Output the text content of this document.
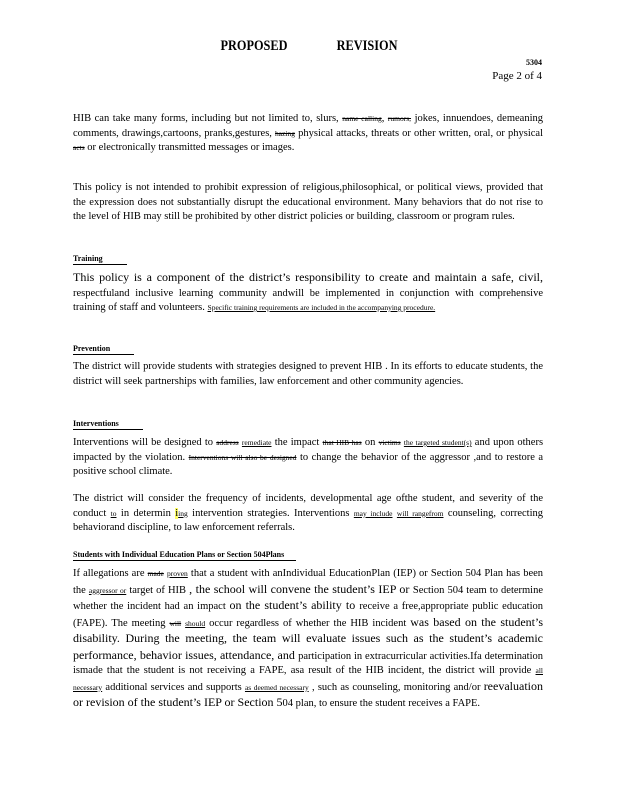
PROPOSED	REVISION
5304
Page 2 of 4
HIB can take many forms, including but not limited to, slurs, name calling, rumors, jokes, innuendoes, demeaning comments, drawings,cartoons, pranks,gestures, hazing physical attacks, threats or other written, oral, or physical acts or electronically transmitted messages or images.
This policy is not intended to prohibit expression of religious,philosophical, or political views, provided that the expression does not substantially disrupt the educational environment. Many behaviors that do not rise to the level of HIB may still be prohibited by other district policies or building, classroom or program rules.
Training
This policy is a component of the district’s responsibility to create and maintain a safe, civil, respectfuland inclusive learning community andwill be implemented in conjunction with comprehensive training of staff and volunteers. Specific training requirements are included in the accompanying procedure.
Prevention
The district will provide students with strategies designed to prevent HIB . In its efforts to educate students, the district will seek partnerships with families, law enforcement and other community agencies.
Interventions
Interventions will be designed to address remediate the impact that HIB has on victims the targeted student(s) and upon others impacted by the violation. Interventions will also be designed to change the behavior of the aggressor ,and to restore a positive school climate.
The district will consider the frequency of incidents, developmental age ofthe student, and severity of the conduct to in determin iing intervention strategies. Interventions may include will rangefrom counseling, correcting behaviorand discipline, to law enforcement referrals.
Students with Individual Education Plans or Section 504Plans
If allegations are made proven that a student with anIndividual EducationPlan (IEP) or Section 504 Plan has been the aggressor or target of HIB , the school will convene the student’s IEP or Section 504 team to determine whether the incident had an impact on the student’s ability to receive a free,appropriate public education (FAPE). The meeting will should occur regardless of whether the HIB incident was based on the student’s disability. During the meeting, the team will evaluate issues such as the student’s academic performance, behavior issues, attendance, and participation in extracurricular activities.Ifa determination ismade that the student is not receiving a FAPE, asa result of the HIB incident, the district will provide all necessary additional services and supports as deemed necessary , such as counseling, monitoring and/or reevaluation or revision of the student’s IEP or Section 504 plan, to ensure the student receives a FAPE.
